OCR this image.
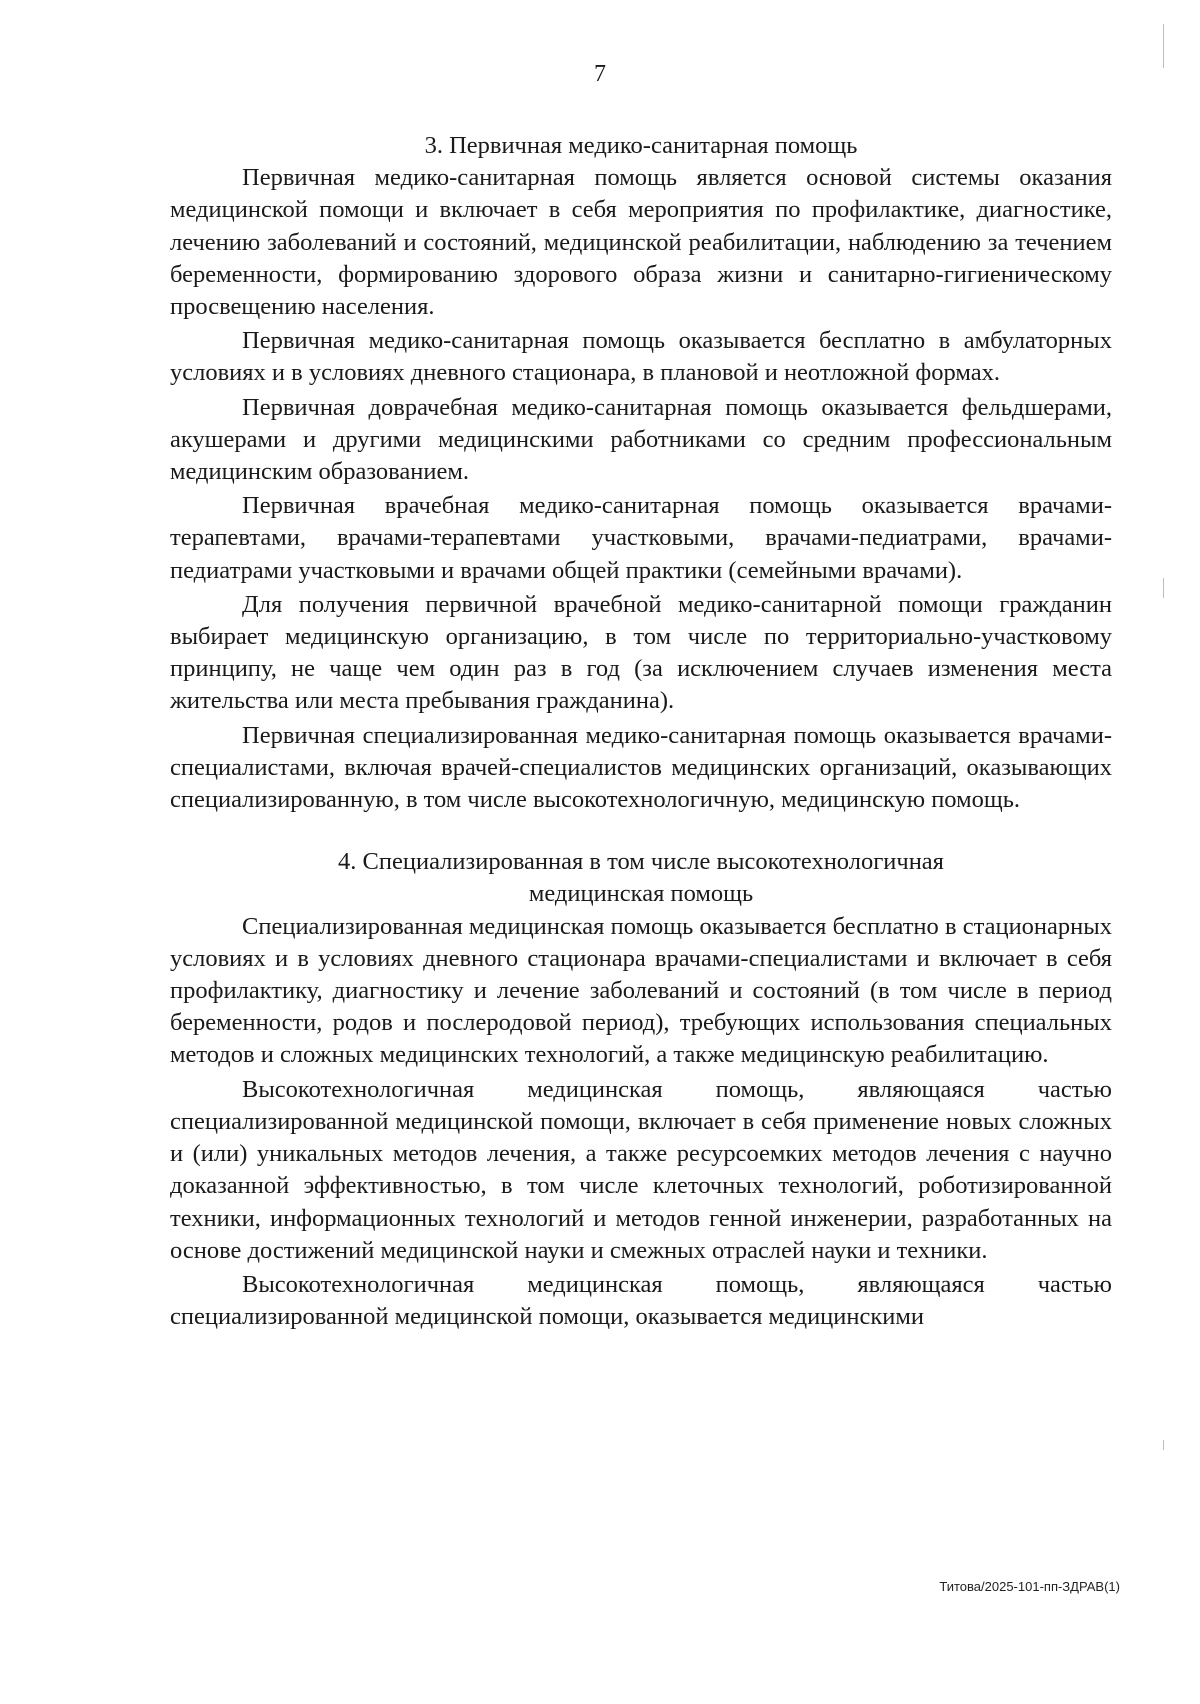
7
3. Первичная медико-санитарная помощь

Первичная медико-санитарная помощь является основой системы оказания медицинской помощи и включает в себя мероприятия по профилактике, диагностике, лечению заболеваний и состояний, медицинской реабилитации, наблюдению за течением беременности, формированию здорового образа жизни и санитарно-гигиеническому просвещению населения.

Первичная медико-санитарная помощь оказывается бесплатно в амбулаторных условиях и в условиях дневного стационара, в плановой и неотложной формах.

Первичная доврачебная медико-санитарная помощь оказывается фельдшерами, акушерами и другими медицинскими работниками со средним профессиональным медицинским образованием.

Первичная врачебная медико-санитарная помощь оказывается врачами-терапевтами, врачами-терапевтами участковыми, врачами-педиатрами, врачами-педиатрами участковыми и врачами общей практики (семейными врачами).

Для получения первичной врачебной медико-санитарной помощи гражданин выбирает медицинскую организацию, в том числе по территориально-участковому принципу, не чаще чем один раз в год (за исключением случаев изменения места жительства или места пребывания гражданина).

Первичная специализированная медико-санитарная помощь оказывается врачами-специалистами, включая врачей-специалистов медицинских организаций, оказывающих специализированную, в том числе высокотехнологичную, медицинскую помощь.

4. Специализированная в том числе высокотехнологичная
медицинская помощь

Специализированная медицинская помощь оказывается бесплатно в стационарных условиях и в условиях дневного стационара врачами-специалистами и включает в себя профилактику, диагностику и лечение заболеваний и состояний (в том числе в период беременности, родов и послеродовой период), требующих использования специальных методов и сложных медицинских технологий, а также медицинскую реабилитацию.

Высокотехнологичная медицинская помощь, являющаяся частью специализированной медицинской помощи, включает в себя применение новых сложных и (или) уникальных методов лечения, а также ресурсоемких методов лечения с научно доказанной эффективностью, в том числе клеточных технологий, роботизированной техники, информационных технологий и методов генной инженерии, разработанных на основе достижений медицинской науки и смежных отраслей науки и техники.

Высокотехнологичная медицинская помощь, являющаяся частью специализированной медицинской помощи, оказывается медицинскими

Титова/2025-101-пп-ЗДРАВ(1)
